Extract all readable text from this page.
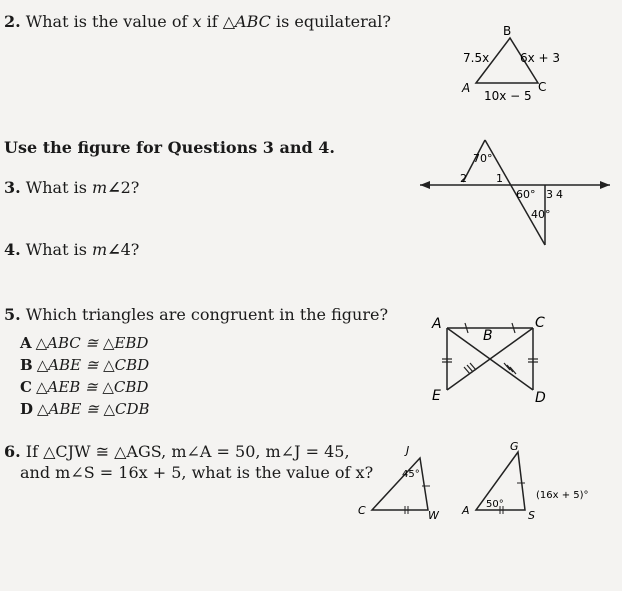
2. What is the value of x if △ABC is equilateral?	B
A	C
7.5x	6x + 3
10x − 5
Use the figure for Questions 3 and 4.
3. What is m∠2?
70°
2	1
60° 3 4
40°
4. What is m∠4?
5. Which triangles are congruent in the figure?
A △ABC ≅ △EBD
B △ABE ≅ △CBD
C △AEB ≅ △CBD
D △ABE ≅ △CDB
A
B
C
E	D
6. If △CJW ≅ △AGS, m∠A = 50, m∠J = 45,
and m∠S = 16x + 5, what is the value of x?
J
C	W
45°
G
A	S
50°
(16x + 5)°
